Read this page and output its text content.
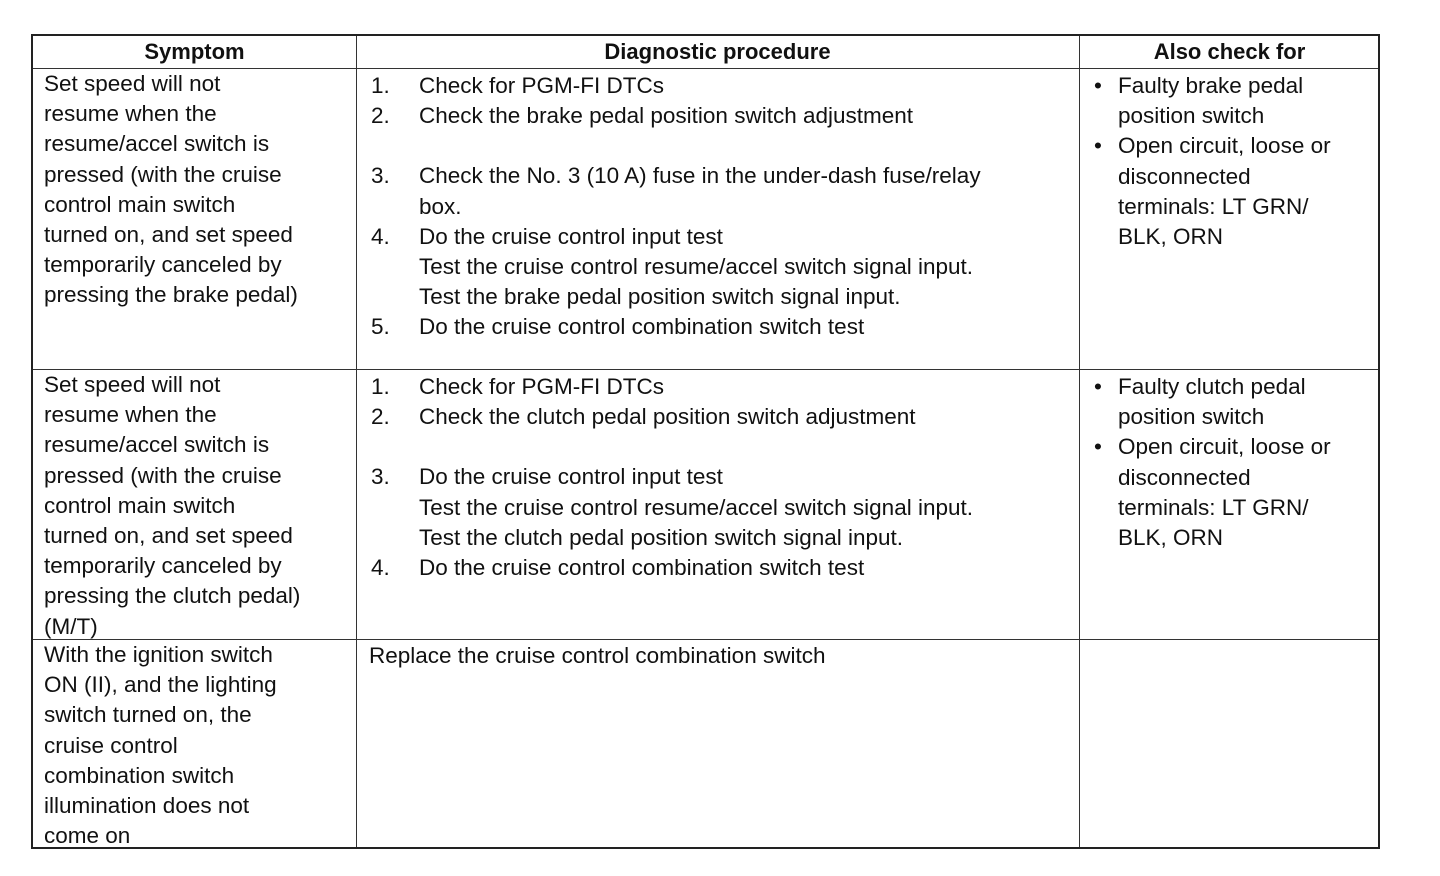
Symptom	Diagnostic procedure	Also check for
Set speed will not
resume when the
resume/accel switch is
pressed (with the cruise
control main switch
turned on, and set speed
temporarily canceled by
pressing the brake pedal)
1. Check for PGM-FI DTCs
2. Check the brake pedal position switch adjustment
3. Check the No. 3 (10 A) fuse in the under-dash fuse/relay
box.
4. Do the cruise control input test
Test the cruise control resume/accel switch signal input.
Test the brake pedal position switch signal input.
5. Do the cruise control combination switch test
• Faulty brake pedal
position switch
• Open circuit, loose or
disconnected
terminals: LT GRN/
BLK, ORN
Set speed will not
resume when the
resume/accel switch is
pressed (with the cruise
control main switch
turned on, and set speed
temporarily canceled by
pressing the clutch pedal)
(M/T)
1. Check for PGM-FI DTCs
2. Check the clutch pedal position switch adjustment
3. Do the cruise control input test
Test the cruise control resume/accel switch signal input.
Test the clutch pedal position switch signal input.
4. Do the cruise control combination switch test
• Faulty clutch pedal
position switch
• Open circuit, loose or
disconnected
terminals: LT GRN/
BLK, ORN
With the ignition switch
ON (II), and the lighting
switch turned on, the
cruise control
combination switch
illumination does not
come on
Replace the cruise control combination switch
